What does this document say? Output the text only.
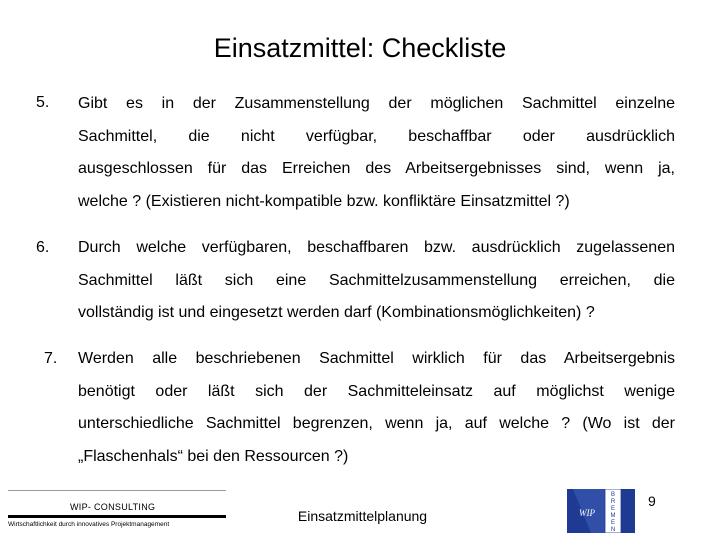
Einsatzmittel: Checkliste
5.	Gibt es in der Zusammenstellung der möglichen Sachmittel einzelne

Sachmittel, die nicht verfügbar, beschaffbar oder ausdrücklich

ausgeschlossen für das Erreichen des Arbeitsergebnisses sind, wenn ja,

welche ? (Existieren nicht-kompatible bzw. konfliktäre Einsatzmittel ?)

6.	Durch welche verfügbaren, beschaffbaren bzw. ausdrücklich zugelassenen

Sachmittel läßt sich eine Sachmittelzusammenstellung erreichen, die

vollständig ist und eingesetzt werden darf (Kombinationsmöglichkeiten) ?

7.	Werden alle beschriebenen Sachmittel wirklich für das Arbeitsergebnis

benötigt oder läßt sich der Sachmitteleinsatz auf möglichst wenige

unterschiedliche Sachmittel begrenzen, wenn ja, auf welche ? (Wo ist der

„Flaschenhals“ bei den Ressourcen ?)

WIP- CONSULTING
Wirtschaftlichkeit durch innovatives Projektmanagement
Einsatzmittelplanung	WIP
B
R
E
M
E
N
9
